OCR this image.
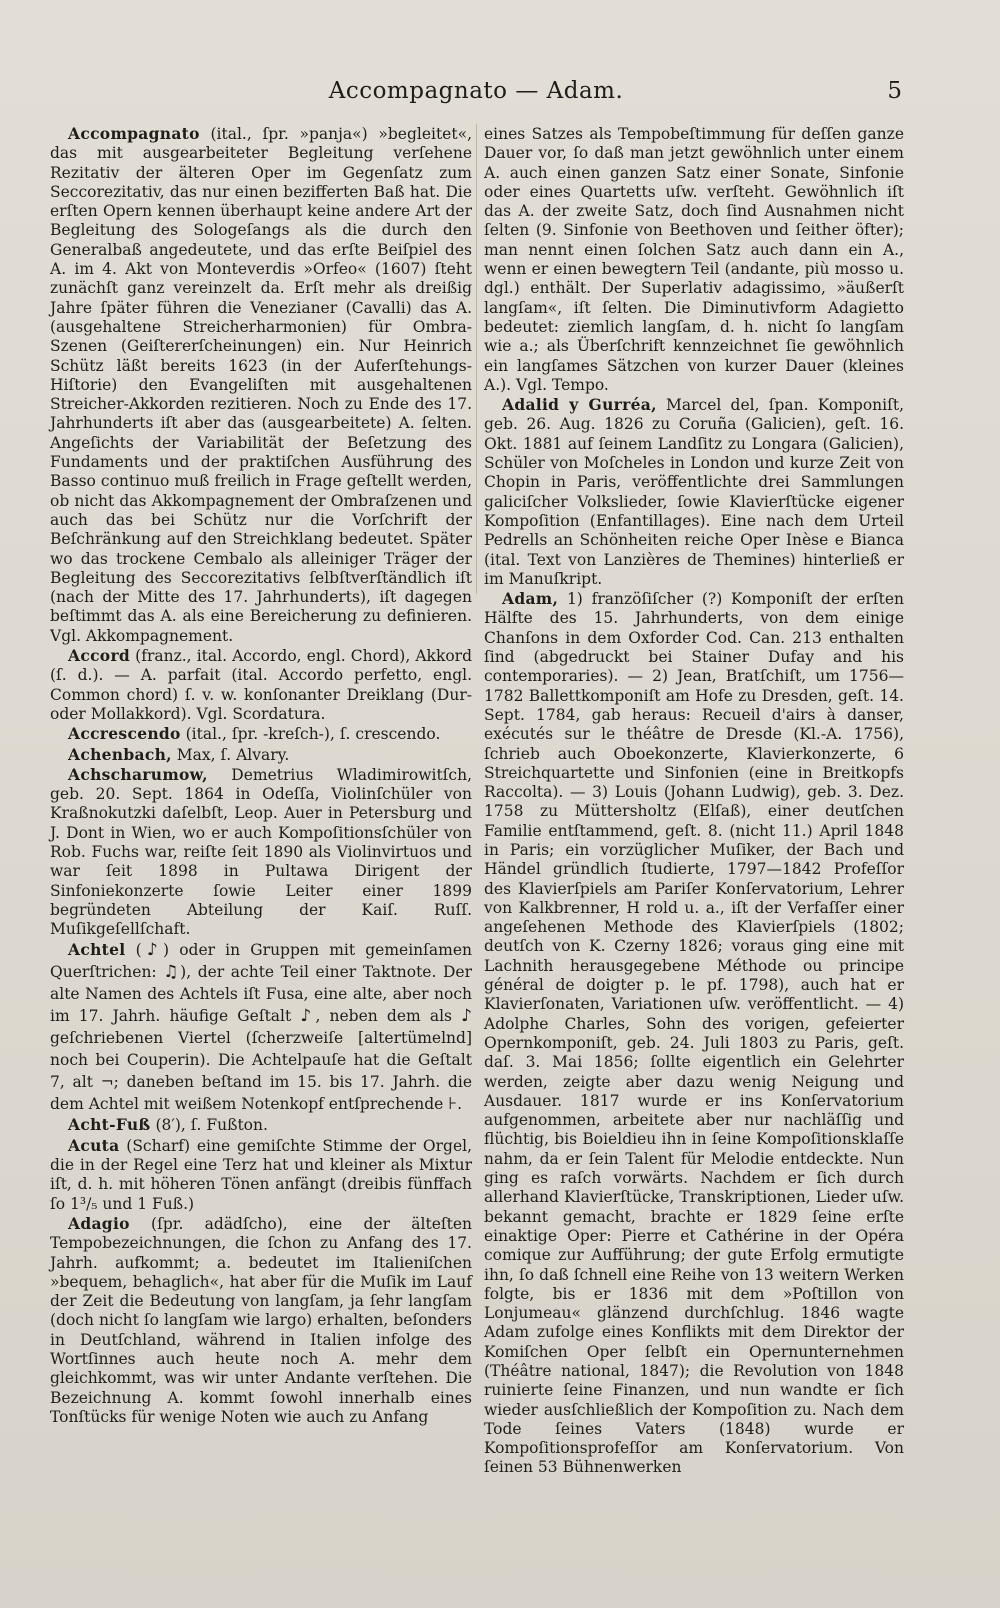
Accompagnato — Adam.	5

Accompagnato (ital., ſpr. »panja«) »begleitet«, das mit ausgearbeiteter Begleitung verſehene Rezitativ der älteren Oper im Gegenſatz zum Seccorezitativ, das nur einen bezifferten Baß hat. Die erſten Opern kennen überhaupt keine andere Art der Begleitung des Sologeſangs als die durch den Generalbaß angedeutete, und das erſte Beiſpiel des A. im 4. Akt von Monteverdis »Orfeo« (1607) ſteht zunächſt ganz vereinzelt da. Erſt mehr als dreißig Jahre ſpäter führen die Venezianer (Cavalli) das A. (ausgehaltene Streicherharmonien) für Ombra-Szenen (Geiſtererſcheinungen) ein. Nur Heinrich Schütz läßt bereits 1623 (in der Auferſtehungs-Hiſtorie) den Evangeliſten mit ausgehaltenen Streicher-Akkorden rezitieren. Noch zu Ende des 17. Jahrhunderts iſt aber das (ausgearbeitete) A. ſelten. Angeſichts der Variabilität der Beſetzung des Fundaments und der praktiſchen Ausführung des Basso continuo muß freilich in Frage geſtellt werden, ob nicht das Akkompagnement der Ombraſzenen und auch das bei Schütz nur die Vorſchrift der Beſchränkung auf den Streichklang bedeutet. Später wo das trockene Cembalo als alleiniger Träger der Begleitung des Seccorezitativs ſelbſtverſtändlich iſt (nach der Mitte des 17. Jahrhunderts), iſt dagegen beſtimmt das A. als eine Bereicherung zu definieren. Vgl. Akkompagnement.

Accord (franz., ital. Accordo, engl. Chord), Akkord (ſ. d.). — A. parfait (ital. Accordo perfetto, engl. Common chord) ſ. v. w. konſonanter Dreiklang (Dur- oder Mollakkord). Vgl. Scordatura.

Accrescendo (ital., ſpr. -kreſch-), ſ. crescendo.

Achenbach, Max, ſ. Alvary.

Achscharumow, Demetrius Wladimirowitſch, geb. 20. Sept. 1864 in Odeſſa, Violinſchüler von Kraßnokutzki daſelbſt, Leop. Auer in Petersburg und J. Dont in Wien, wo er auch Kompoſitionsſchüler von Rob. Fuchs war, reiſte ſeit 1890 als Violinvirtuos und war ſeit 1898 in Pultawa Dirigent der Sinfoniekonzerte ſowie Leiter einer 1899 begründeten Abteilung der Kaiſ. Ruſſ. Muſikgeſellſchaft.

Achtel (♪) oder in Gruppen mit gemeinſamen Querſtrichen: ♫), der achte Teil einer Taktnote. Der alte Namen des Achtels iſt Fusa, eine alte, aber noch im 17. Jahrh. häufige Geſtalt ♪, neben dem als ♪ geſchriebenen Viertel (ſcherzweiſe [altertümelnd] noch bei Couperin). Die Achtelpauſe hat die Geſtalt 7, alt ¬; daneben beſtand im 15. bis 17. Jahrh. die dem Achtel mit weißem Notenkopf entſprechende ⊦.

Acht-Fuß (8′), ſ. Fußton.

Acuta (Scharf) eine gemiſchte Stimme der Orgel, die in der Regel eine Terz hat und kleiner als Mixtur iſt, d. h. mit höheren Tönen anfängt (dreibis fünffach ſo 1³/₅ und 1 Fuß.)

Adagio (ſpr. adädſcho), eine der älteſten Tempobezeichnungen, die ſchon zu Anfang des 17. Jahrh. aufkommt; a. bedeutet im Italieniſchen »bequem, behaglich«, hat aber für die Muſik im Lauf der Zeit die Bedeutung von langſam, ja ſehr langſam (doch nicht ſo langſam wie largo) erhalten, beſonders in Deutſchland, während in Italien infolge des Wortſinnes auch heute noch A. mehr dem gleichkommt, was wir unter Andante verſtehen. Die Bezeichnung A. kommt ſowohl innerhalb eines Tonſtücks für wenige Noten wie auch zu Anfang

eines Satzes als Tempobeſtimmung für deſſen ganze Dauer vor, ſo daß man jetzt gewöhnlich unter einem A. auch einen ganzen Satz einer Sonate, Sinfonie oder eines Quartetts uſw. verſteht. Gewöhnlich iſt das A. der zweite Satz, doch ſind Ausnahmen nicht ſelten (9. Sinfonie von Beethoven und ſeither öfter); man nennt einen ſolchen Satz auch dann ein A., wenn er einen bewegtern Teil (andante, più mosso u. dgl.) enthält. Der Superlativ adagissimo, »äußerſt langſam«, iſt ſelten. Die Diminutivform Adagietto bedeutet: ziemlich langſam, d. h. nicht ſo langſam wie a.; als Überſchrift kennzeichnet ſie gewöhnlich ein langſames Sätzchen von kurzer Dauer (kleines A.). Vgl. Tempo.

Adalid y Gurréa, Marcel del, ſpan. Komponiſt, geb. 26. Aug. 1826 zu Coruña (Galicien), geſt. 16. Okt. 1881 auf ſeinem Landſitz zu Longara (Galicien), Schüler von Moſcheles in London und kurze Zeit von Chopin in Paris, veröffentlichte drei Sammlungen galiciſcher Volkslieder, ſowie Klavierſtücke eigener Kompoſition (Enfantillages). Eine nach dem Urteil Pedrells an Schönheiten reiche Oper Inèse e Bianca (ital. Text von Lanzières de Themines) hinterließ er im Manuſkript.

Adam, 1) franzöſiſcher (?) Komponiſt der erſten Hälfte des 15. Jahrhunderts, von dem einige Chanſons in dem Oxforder Cod. Can. 213 enthalten ſind (abgedruckt bei Stainer Dufay and his contemporaries). — 2) Jean, Bratſchiſt, um 1756—1782 Ballettkomponiſt am Hofe zu Dresden, geſt. 14. Sept. 1784, gab heraus: Recueil d'airs à danser, exécutés sur le théâtre de Dresde (Kl.-A. 1756), ſchrieb auch Oboekonzerte, Klavierkonzerte, 6 Streichquartette und Sinfonien (eine in Breitkopfs Raccolta). — 3) Louis (Johann Ludwig), geb. 3. Dez. 1758 zu Müttersholtz (Elſaß), einer deutſchen Familie entſtammend, geſt. 8. (nicht 11.) April 1848 in Paris; ein vorzüglicher Muſiker, der Bach und Händel gründlich ſtudierte, 1797—1842 Profeſſor des Klavierſpiels am Pariſer Konſervatorium, Lehrer von Kalkbrenner, H rold u. a., iſt der Verfaſſer einer angeſehenen Methode des Klavierſpiels (1802; deutſch von K. Czerny 1826; voraus ging eine mit Lachnith herausgegebene Méthode ou principe général de doigter p. le pf. 1798), auch hat er Klavierſonaten, Variationen uſw. veröffentlicht. — 4) Adolphe Charles, Sohn des vorigen, gefeierter Opernkomponiſt, geb. 24. Juli 1803 zu Paris, geſt. daſ. 3. Mai 1856; ſollte eigentlich ein Gelehrter werden, zeigte aber dazu wenig Neigung und Ausdauer. 1817 wurde er ins Konſervatorium aufgenommen, arbeitete aber nur nachläſſig und flüchtig, bis Boieldieu ihn in ſeine Kompoſitionsklaſſe nahm, da er ſein Talent für Melodie entdeckte. Nun ging es raſch vorwärts. Nachdem er ſich durch allerhand Klavierſtücke, Transkriptionen, Lieder uſw. bekannt gemacht, brachte er 1829 ſeine erſte einaktige Oper: Pierre et Cathérine in der Opéra comique zur Aufführung; der gute Erfolg ermutigte ihn, ſo daß ſchnell eine Reihe von 13 weitern Werken folgte, bis er 1836 mit dem »Poſtillon von Lonjumeau« glänzend durchſchlug. 1846 wagte Adam zufolge eines Konflikts mit dem Direktor der Komiſchen Oper ſelbſt ein Opernunternehmen (Théâtre national, 1847); die Revolution von 1848 ruinierte ſeine Finanzen, und nun wandte er ſich wieder ausſchließlich der Kompoſition zu. Nach dem Tode ſeines Vaters (1848) wurde er Kompoſitionsprofeſſor am Konſervatorium. Von ſeinen 53 Bühnenwerken
